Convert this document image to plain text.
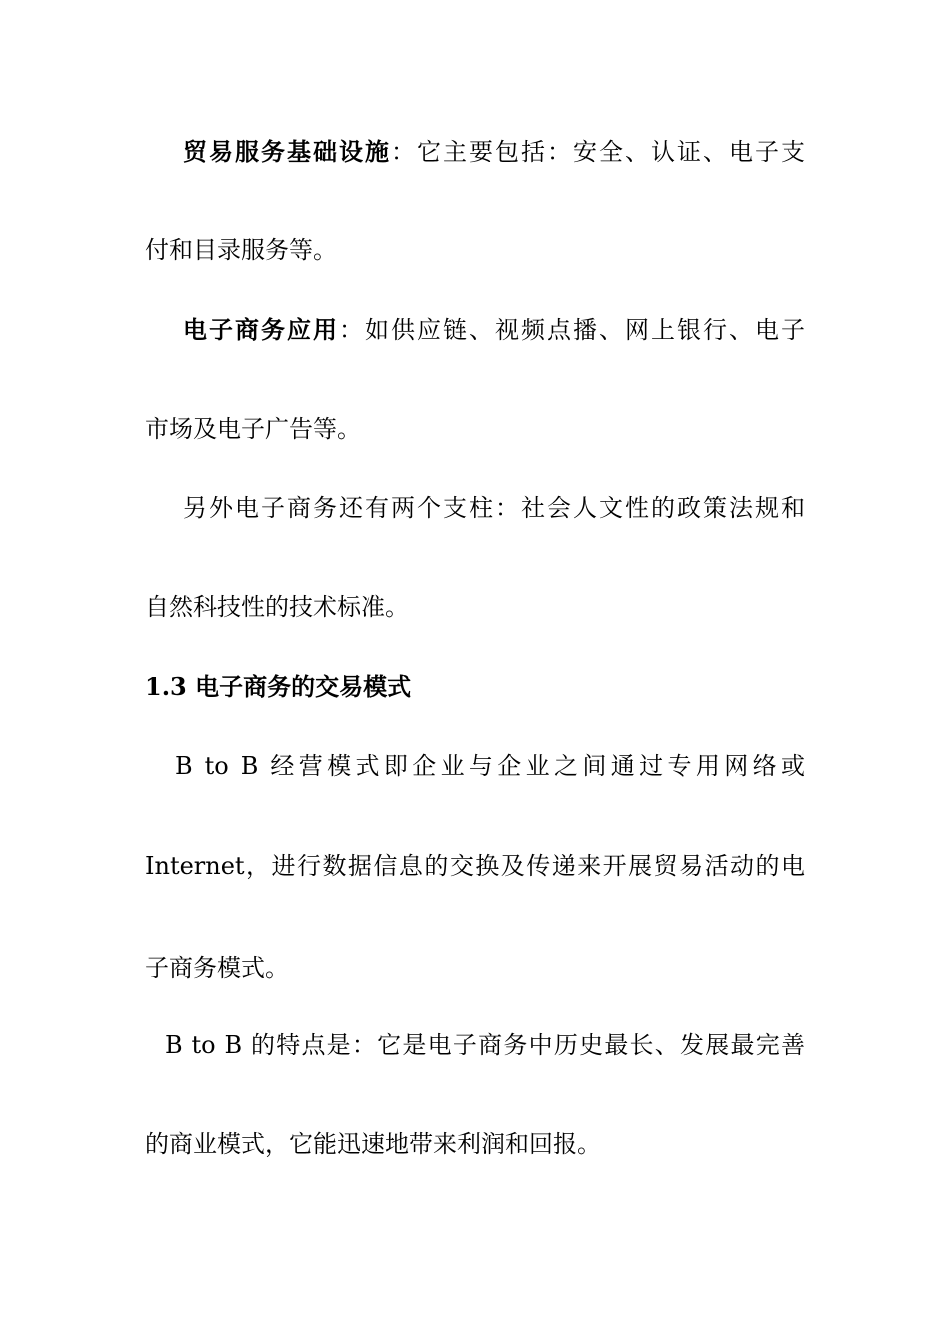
贸易服务基础设施：它主要包括：安全、认证、电子支
付和目录服务等。
电子商务应用：如供应链、视频点播、网上银行、电子
市场及电子广告等。
另外电子商务还有两个支柱：社会人文性的政策法规和
自然科技性的技术标准。
1.3 电子商务的交易模式
B to B 经营模式即企业与企业之间通过专用网络或
Internet，进行数据信息的交换及传递来开展贸易活动的电
子商务模式。
B to B 的特点是：它是电子商务中历史最长、发展最完善
的商业模式，它能迅速地带来利润和回报。
